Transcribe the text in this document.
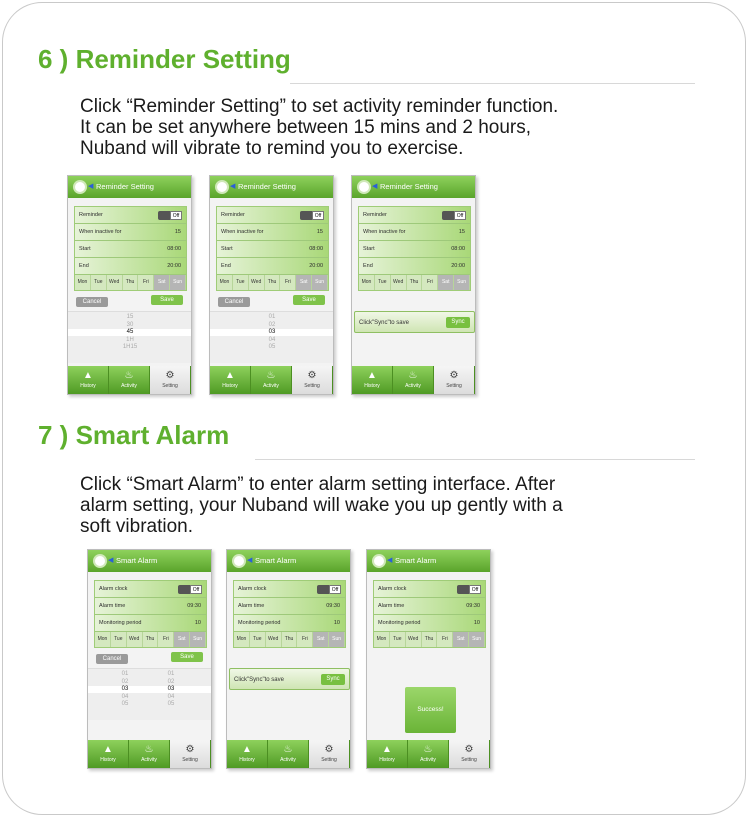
6 ) Reminder Setting

Click “Reminder Setting” to set activity reminder function.

It can be set anywhere between 15 mins and 2 hours,

Nuband will vibrate to remind you to exercise.

7 ) Smart Alarm

Click “Smart Alarm” to enter alarm setting interface. After

alarm setting, your Nuband will wake you up gently with a

soft vibration.

◀ Reminder Setting
Reminder	Off
When inactive for	15
Start	08:00
End	20:00
Mon	Tue	Wed	Thu	Fri	Sat	Sun
Cancel	Save
15
30
45
1H
1H15
▲
History
♨
Activity
⚙
Setting
◀ Reminder Setting
Reminder	Off
When inactive for	15
Start	08:00
End	20:00
Mon	Tue	Wed	Thu	Fri	Sat	Sun
Cancel	Save
01
02
03
04
05
▲
History
♨
Activity
⚙
Setting
◀ Reminder Setting
Reminder	Off
When inactive for	15
Start	08:00
End	20:00
Mon	Tue	Wed	Thu	Fri	Sat	Sun
Click"Sync"to save	Sync
▲
History
♨
Activity
⚙
Setting
◀ Smart Alarm
Alarm clock	Off
Alarm time	09:30
Monitoring period	10
Mon	Tue	Wed	Thu	Fri	Sat	Sun
Cancel	Save
01
02
03
04
05
01
02
03
04
05
▲
History
♨
Activity
⚙
Setting
◀ Smart Alarm
Alarm clock	Off
Alarm time	09:30
Monitoring period	10
Mon	Tue	Wed	Thu	Fri	Sat	Sun
Click"Sync"to save	Sync
▲
History
♨
Activity
⚙
Setting
◀ Smart Alarm
Alarm clock	Off
Alarm time	09:30
Monitoring period	10
Mon	Tue	Wed	Thu	Fri	Sat	Sun
Success!
▲
History
♨
Activity
⚙
Setting
